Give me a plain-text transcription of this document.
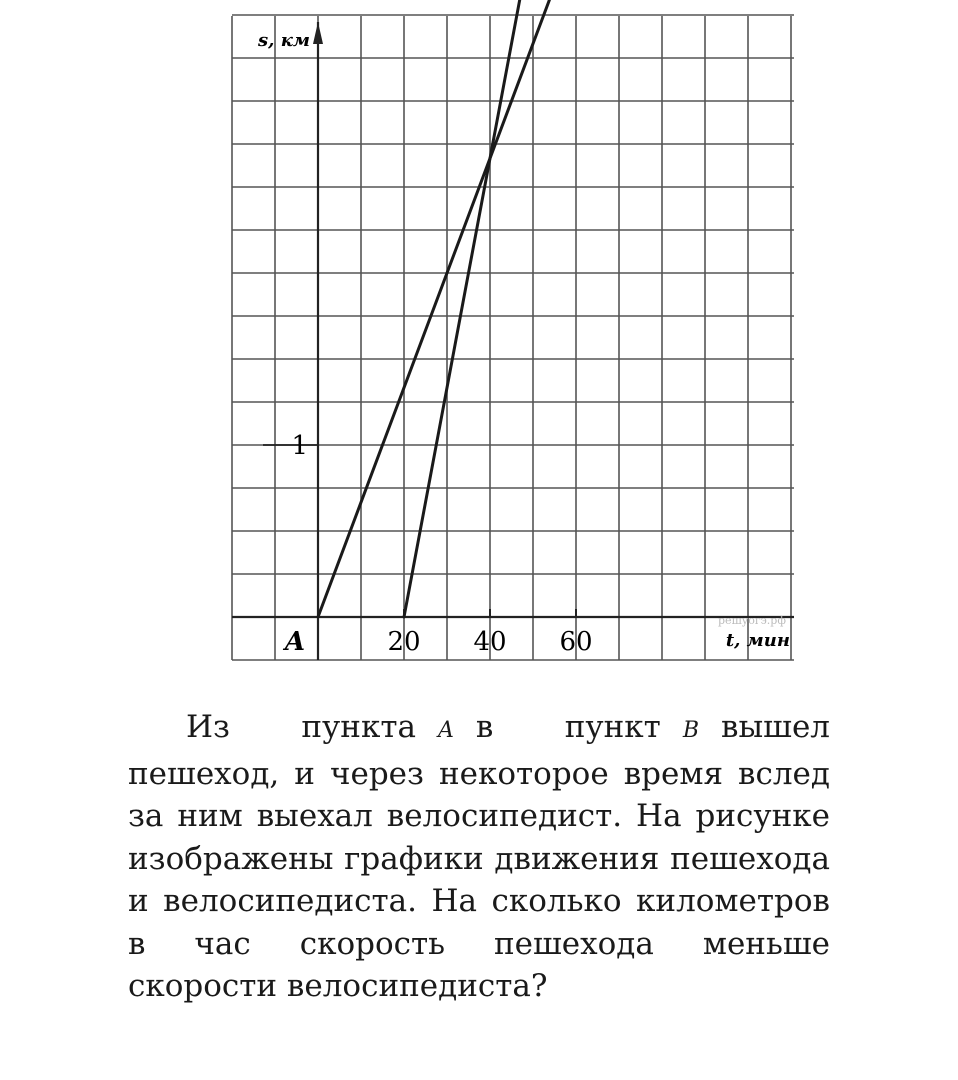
s, км
t, мин
A	20 40 60
1
решуогэ.рф

Из пункта A в пункт B вышел пешеход, и через некоторое время вслед за ним выехал велосипедист. На рисунке изображены графики движения пешехода и велосипедиста. На сколько километров в час скорость пешехода меньше скорости велосипедиста?
